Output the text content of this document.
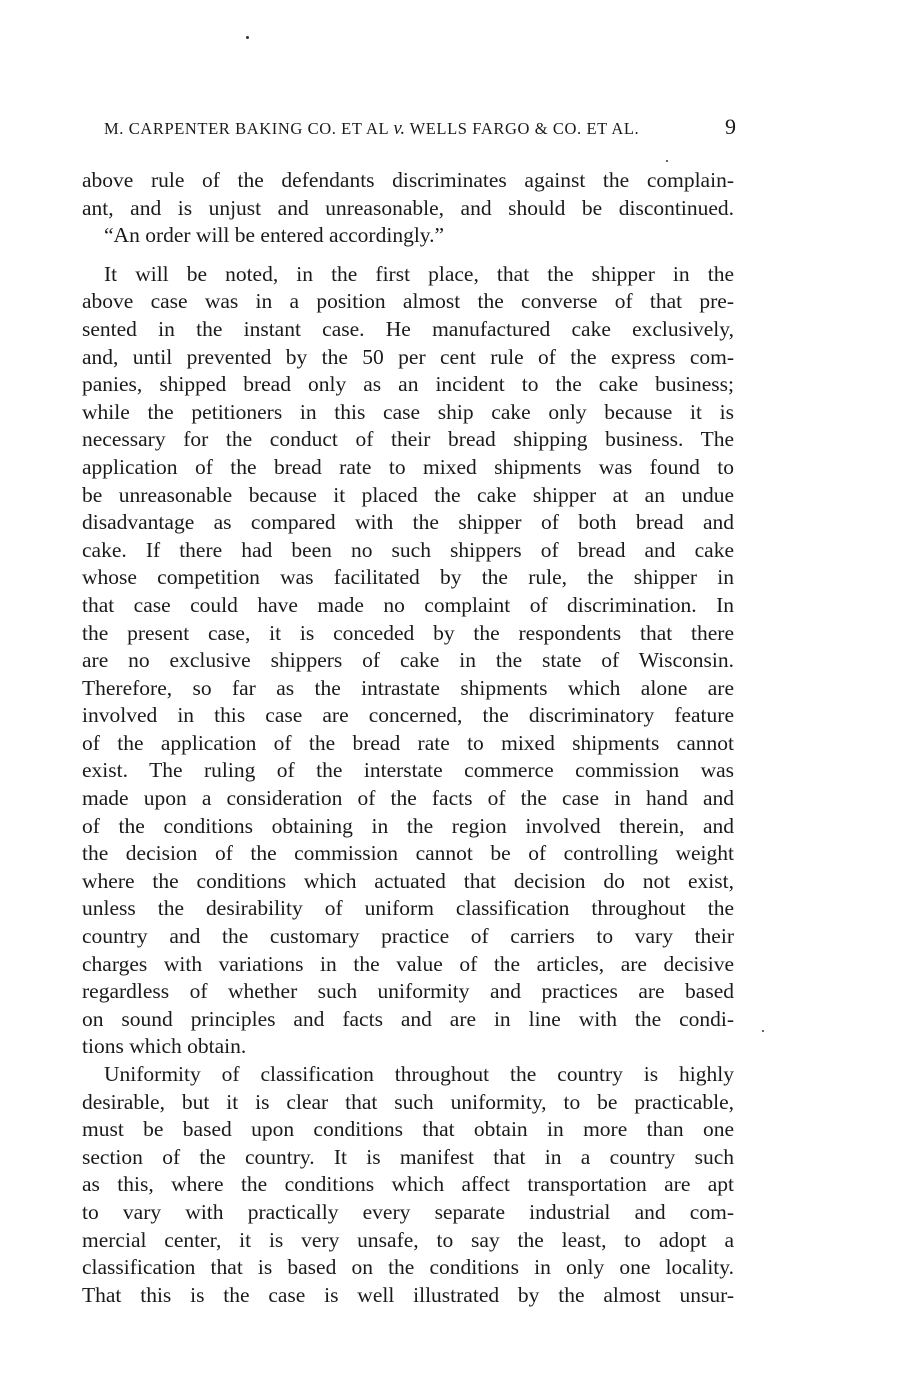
M. CARPENTER BAKING CO. ET AL v. WELLS FARGO & CO. ET AL.	9
above rule of the defendants discriminates against the complain-
ant, and is unjust and unreasonable, and should be discontinued.
“An order will be entered accordingly.”
It will be noted, in the first place, that the shipper in the
above case was in a position almost the converse of that pre-
sented in the instant case. He manufactured cake exclusively,
and, until prevented by the 50 per cent rule of the express com-
panies, shipped bread only as an incident to the cake business;
while the petitioners in this case ship cake only because it is
necessary for the conduct of their bread shipping business. The
application of the bread rate to mixed shipments was found to
be unreasonable because it placed the cake shipper at an undue
disadvantage as compared with the shipper of both bread and
cake. If there had been no such shippers of bread and cake
whose competition was facilitated by the rule, the shipper in
that case could have made no complaint of discrimination. In
the present case, it is conceded by the respondents that there
are no exclusive shippers of cake in the state of Wisconsin.
Therefore, so far as the intrastate shipments which alone are
involved in this case are concerned, the discriminatory feature
of the application of the bread rate to mixed shipments cannot
exist. The ruling of the interstate commerce commission was
made upon a consideration of the facts of the case in hand and
of the conditions obtaining in the region involved therein, and
the decision of the commission cannot be of controlling weight
where the conditions which actuated that decision do not exist,
unless the desirability of uniform classification throughout the
country and the customary practice of carriers to vary their
charges with variations in the value of the articles, are decisive
regardless of whether such uniformity and practices are based
on sound principles and facts and are in line with the condi-
tions which obtain.
Uniformity of classification throughout the country is highly
desirable, but it is clear that such uniformity, to be practicable,
must be based upon conditions that obtain in more than one
section of the country. It is manifest that in a country such
as this, where the conditions which affect transportation are apt
to vary with practically every separate industrial and com-
mercial center, it is very unsafe, to say the least, to adopt a
classification that is based on the conditions in only one locality.
That this is the case is well illustrated by the almost unsur-
